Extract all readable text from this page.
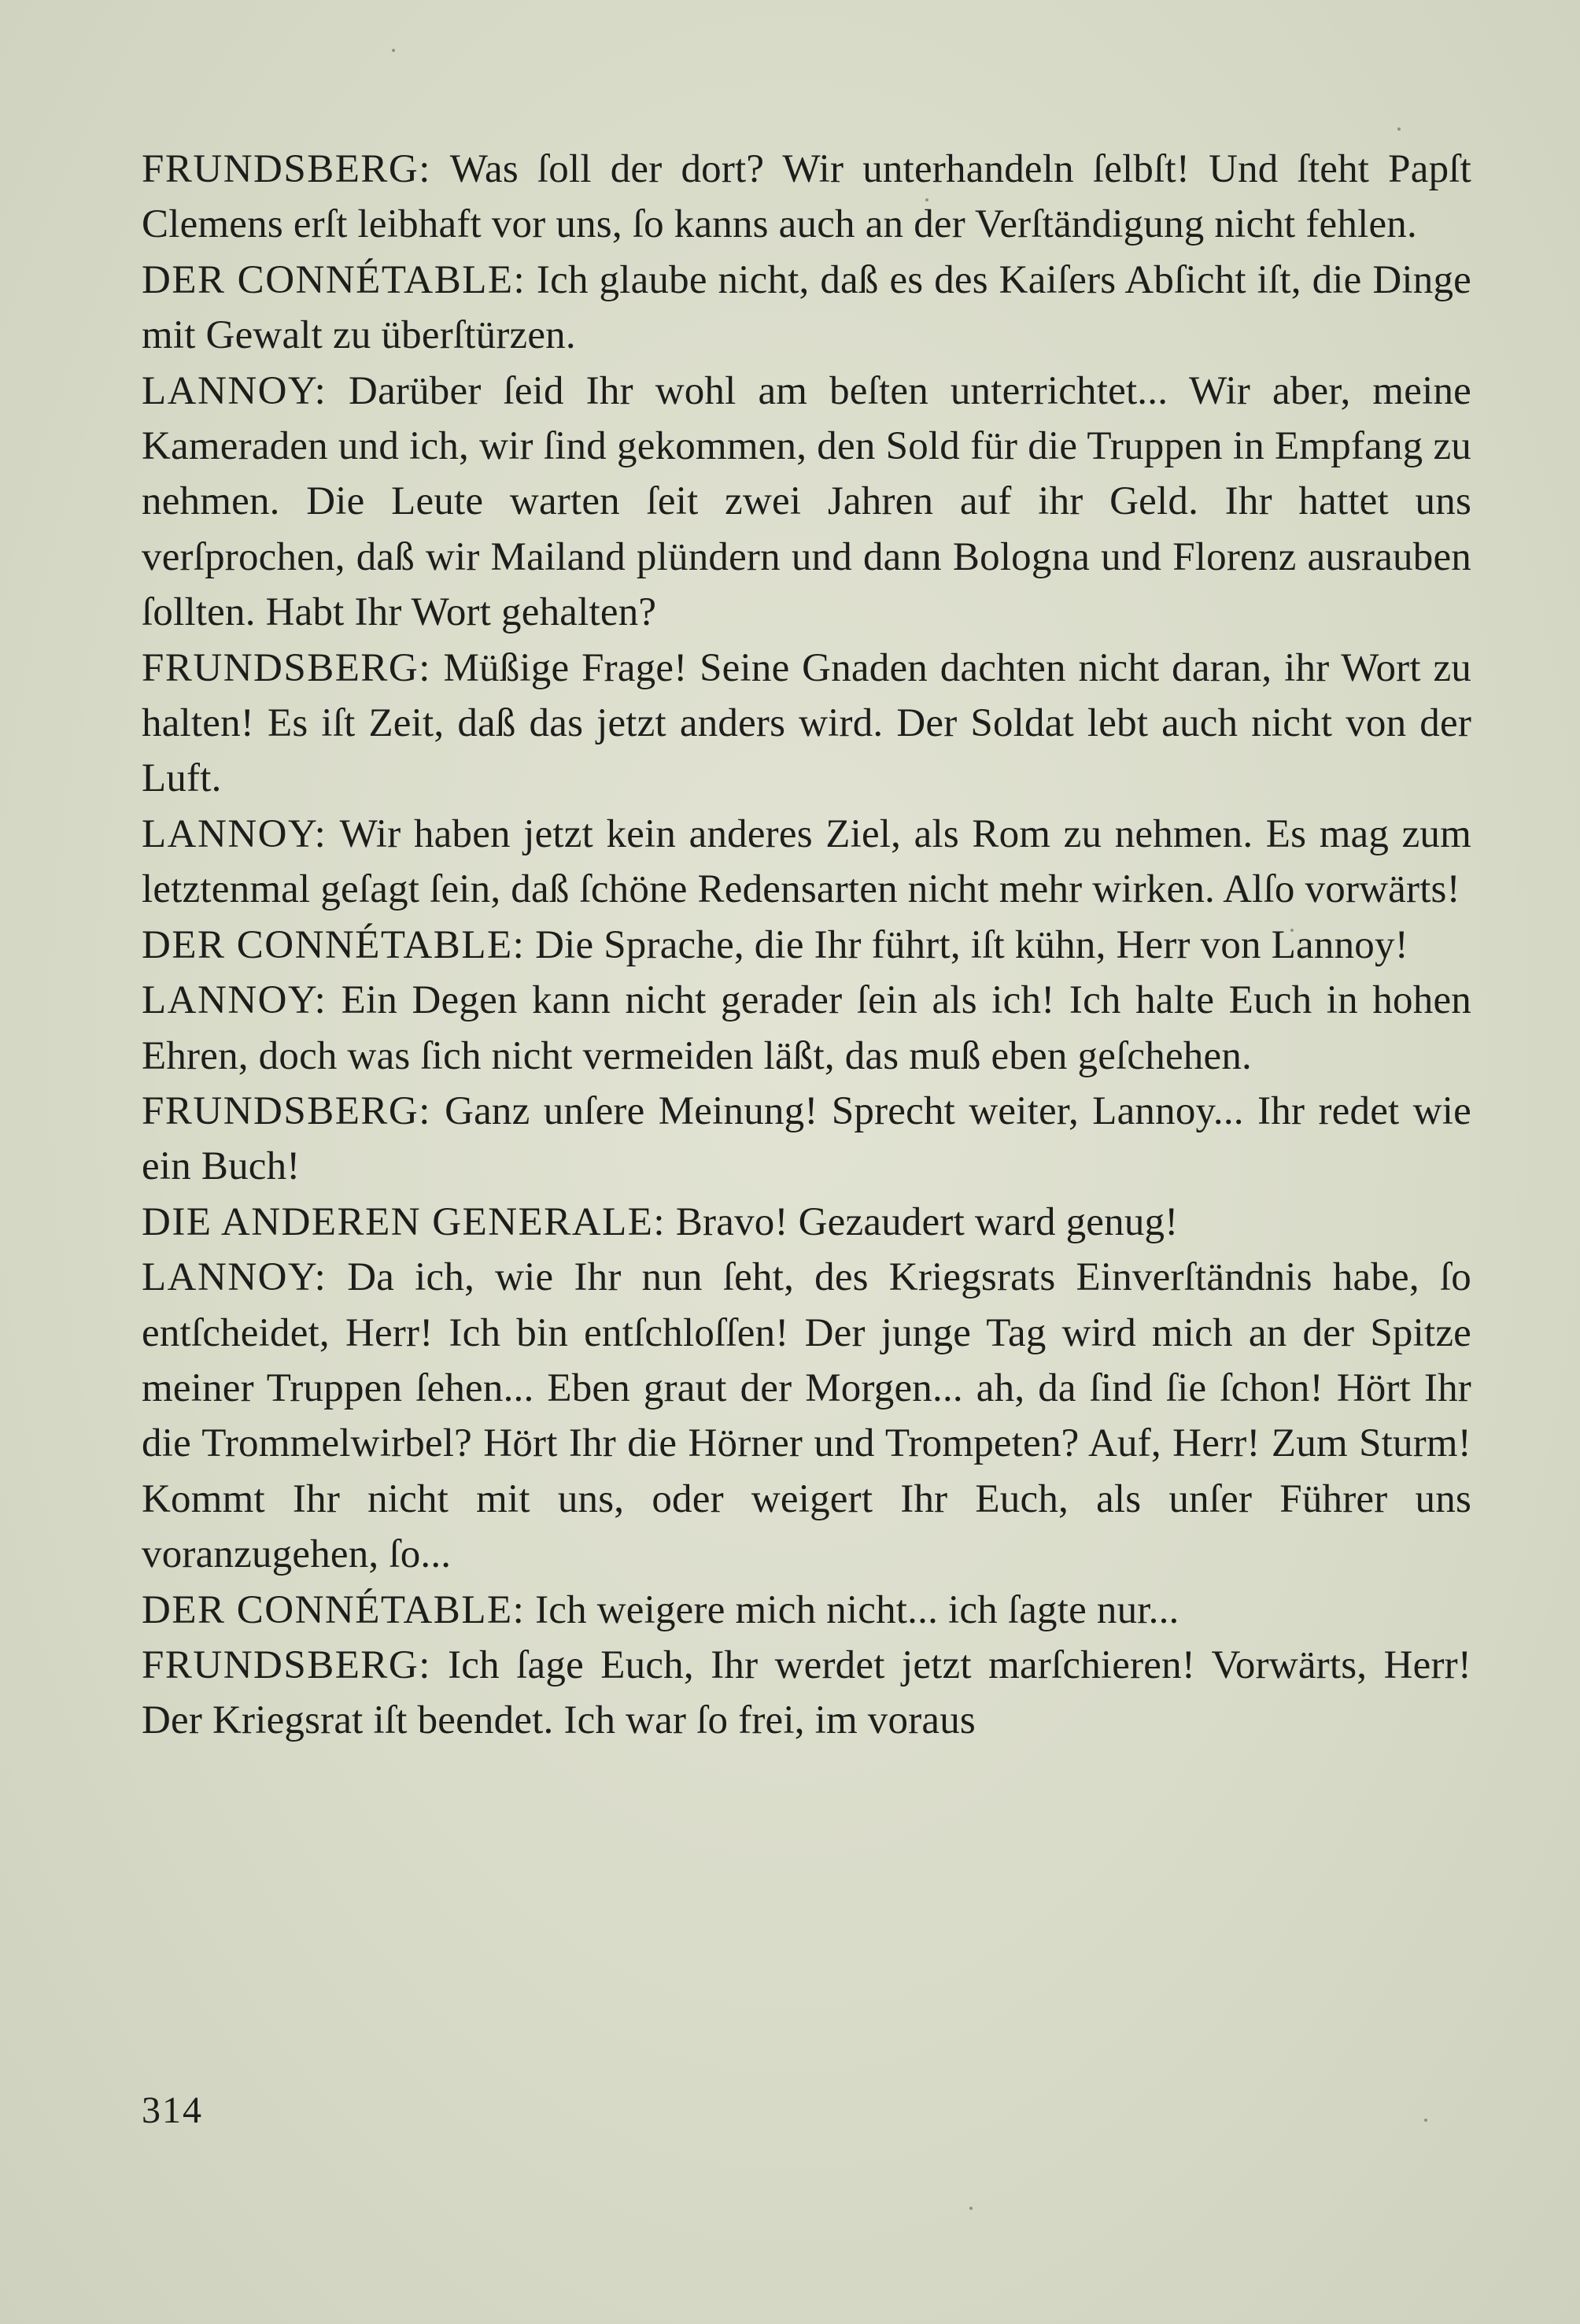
FRUNDSBERG: Was ſoll der dort? Wir unterhandeln ſelbſt! Und ſteht Papſt Clemens erſt leibhaft vor uns, ſo kanns auch an der Verſtändigung nicht fehlen.

DER CONNÉTABLE: Ich glaube nicht, daß es des Kaiſers Abſicht iſt, die Dinge mit Gewalt zu überſtürzen.

LANNOY: Darüber ſeid Ihr wohl am beſten unterrichtet... Wir aber, meine Kameraden und ich, wir ſind gekommen, den Sold für die Truppen in Empfang zu nehmen. Die Leute warten ſeit zwei Jahren auf ihr Geld. Ihr hattet uns verſprochen, daß wir Mailand plündern und dann Bologna und Florenz ausrauben ſollten. Habt Ihr Wort gehalten?

FRUNDSBERG: Müßige Frage! Seine Gnaden dachten nicht daran, ihr Wort zu halten! Es iſt Zeit, daß das jetzt anders wird. Der Soldat lebt auch nicht von der Luft.

LANNOY: Wir haben jetzt kein anderes Ziel, als Rom zu nehmen. Es mag zum letztenmal geſagt ſein, daß ſchöne Redensarten nicht mehr wirken. Alſo vorwärts!

DER CONNÉTABLE: Die Sprache, die Ihr führt, iſt kühn, Herr von Lannoy!

LANNOY: Ein Degen kann nicht gerader ſein als ich! Ich halte Euch in hohen Ehren, doch was ſich nicht vermeiden läßt, das muß eben geſchehen.

FRUNDSBERG: Ganz unſere Meinung! Sprecht weiter, Lannoy... Ihr redet wie ein Buch!

DIE ANDEREN GENERALE: Bravo! Gezaudert ward genug!

LANNOY: Da ich, wie Ihr nun ſeht, des Kriegsrats Einverſtändnis habe, ſo entſcheidet, Herr! Ich bin entſchloſſen! Der junge Tag wird mich an der Spitze meiner Truppen ſehen... Eben graut der Morgen... ah, da ſind ſie ſchon! Hört Ihr die Trommelwirbel? Hört Ihr die Hörner und Trompeten? Auf, Herr! Zum Sturm! Kommt Ihr nicht mit uns, oder weigert Ihr Euch, als unſer Führer uns voranzugehen, ſo...

DER CONNÉTABLE: Ich weigere mich nicht... ich ſagte nur...

FRUNDSBERG: Ich ſage Euch, Ihr werdet jetzt marſchieren! Vorwärts, Herr! Der Kriegsrat iſt beendet. Ich war ſo frei, im voraus

314
